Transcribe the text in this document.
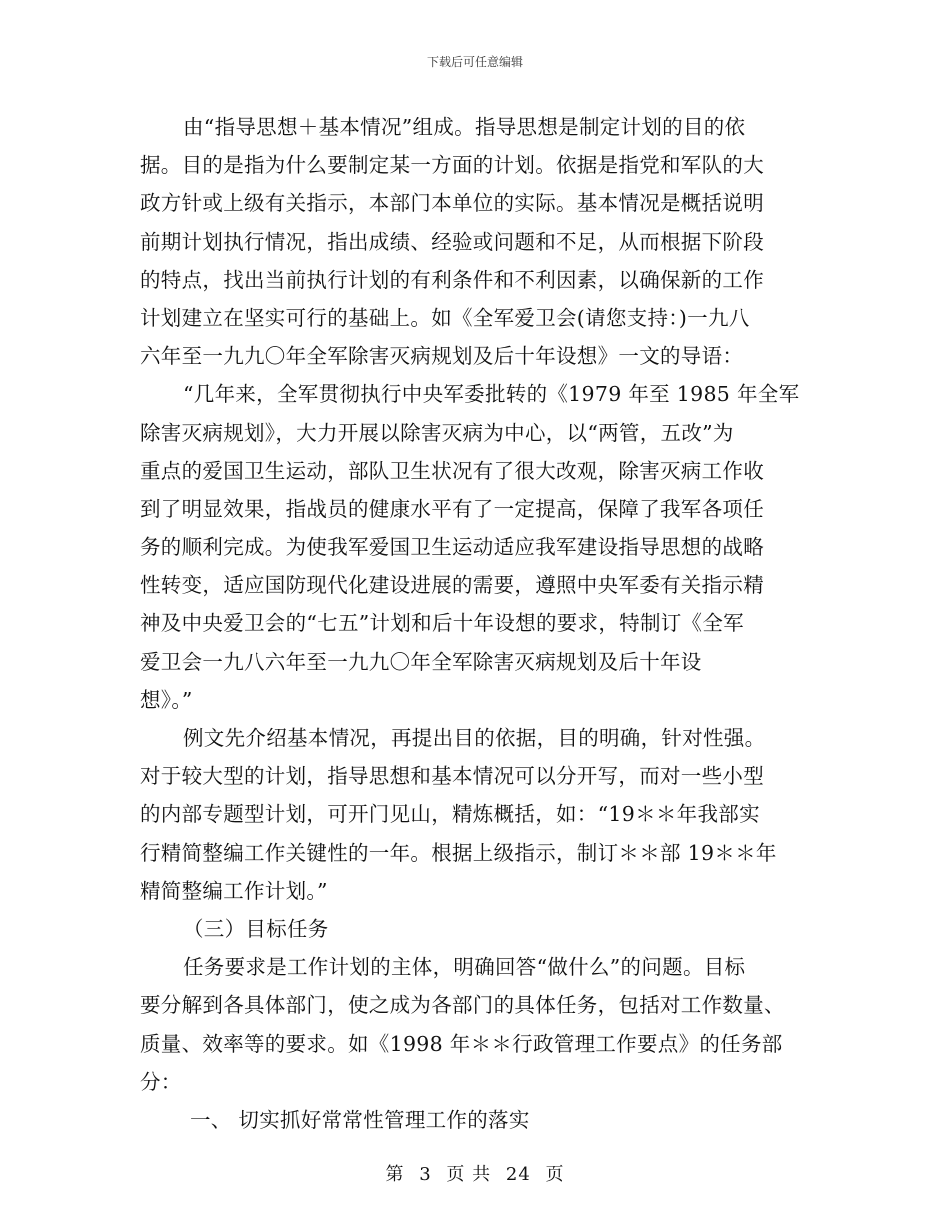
下载后可任意编辑
由“指导思想＋基本情况”组成。指导思想是制定计划的目的依
据。目的是指为什么要制定某一方面的计划。依据是指党和军队的大
政方针或上级有关指示，本部门本单位的实际。基本情况是概括说明
前期计划执行情况，指出成绩、经验或问题和不足，从而根据下阶段
的特点，找出当前执行计划的有利条件和不利因素，以确保新的工作
计划建立在坚实可行的基础上。如《全军爱卫会(请您支持：)一九八
六年至一九九〇年全军除害灭病规划及后十年设想》一文的导语：
“几年来，全军贯彻执行中央军委批转的《1979 年至 1985 年全军
除害灭病规划》，大力开展以除害灭病为中心，以“两管，五改”为
重点的爱国卫生运动，部队卫生状况有了很大改观，除害灭病工作收
到了明显效果，指战员的健康水平有了一定提高，保障了我军各项任
务的顺利完成。为使我军爱国卫生运动适应我军建设指导思想的战略
性转变，适应国防现代化建设进展的需要，遵照中央军委有关指示精
神及中央爱卫会的“七五”计划和后十年设想的要求，特制订《全军
爱卫会一九八六年至一九九〇年全军除害灭病规划及后十年设
想》。”
例文先介绍基本情况，再提出目的依据，目的明确，针对性强。
对于较大型的计划，指导思想和基本情况可以分开写，而对一些小型
的内部专题型计划，可开门见山，精炼概括，如：“19＊＊年我部实
行精简整编工作关键性的一年。根据上级指示，制订＊＊部 19＊＊年
精简整编工作计划。”
（三）目标任务
任务要求是工作计划的主体，明确回答“做什么”的问题。目标
要分解到各具体部门，使之成为各部门的具体任务，包括对工作数量、
质量、效率等的要求。如《1998 年＊＊行政管理工作要点》的任务部
分：
一、 切实抓好常常性管理工作的落实
第 3 页 共 24 页
